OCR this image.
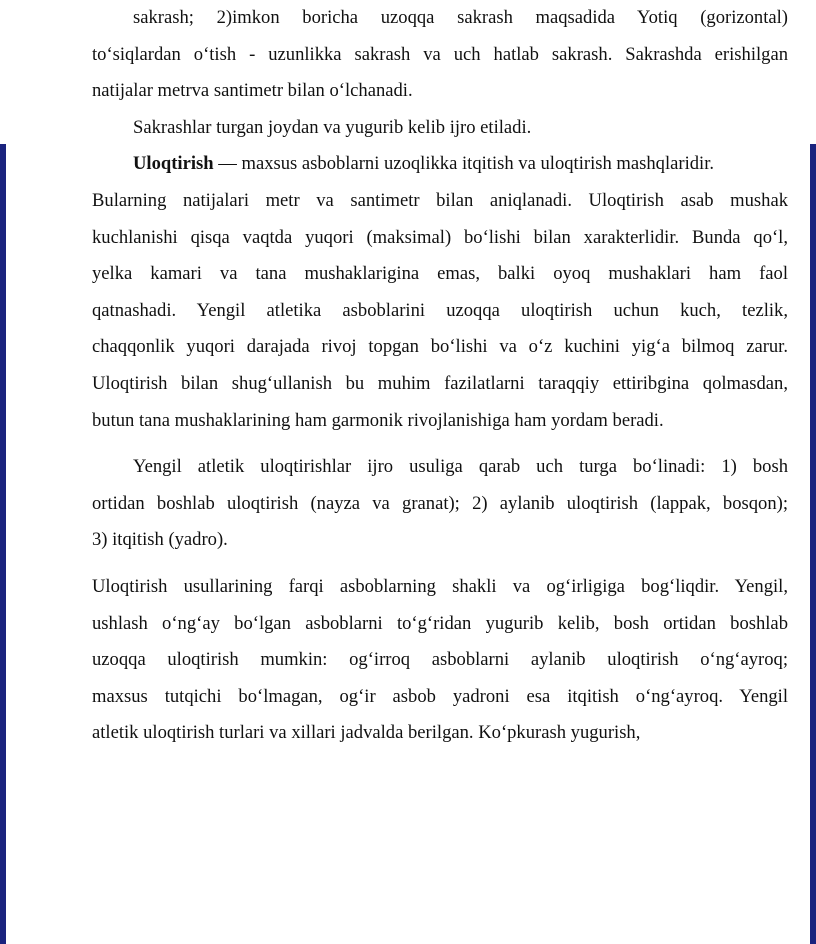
sakrash; 2)imkon boricha uzoqqa sakrash maqsadida Yotiq (gorizontal)
to‘siqlardan o‘tish - uzunlikka sakrash va uch hatlab sakrash. Sakrashda erishilgan
natijalar metrva santimetr bilan o‘lchanadi.
Sakrashlar turgan joydan va yugurib kelib ijro etiladi.
Uloqtirish — maxsus asboblarni uzoqlikka itqitish va uloqtirish mashqlaridir.
Bularning natijalari metr va santimetr bilan aniqlanadi. Uloqtirish asab mushak
kuchlanishi qisqa vaqtda yuqori (maksimal) bo‘lishi bilan xarakterlidir. Bunda qo‘l,
yelka kamari va tana mushaklarigina emas, balki oyoq mushaklari ham faol
qatnashadi. Yengil atletika asboblarini uzoqqa uloqtirish uchun kuch, tezlik,
chaqqonlik yuqori darajada rivoj topgan bo‘lishi va o‘z kuchini yig‘a bilmoq zarur.
Uloqtirish bilan shug‘ullanish bu muhim fazilatlarni taraqqiy ettiribgina qolmasdan,
butun tana mushaklarining ham garmonik rivojlanishiga ham yordam beradi.
Yengil atletik uloqtirishlar ijro usuliga qarab uch turga bo‘linadi: 1) bosh
ortidan boshlab uloqtirish (nayza va granat); 2) aylanib uloqtirish (lappak, bosqon);
3) itqitish (yadro).
Uloqtirish usullarining farqi asboblarning shakli va og‘irligiga bog‘liqdir. Yengil,
ushlash o‘ng‘ay bo‘lgan asboblarni to‘g‘ridan yugurib kelib, bosh ortidan boshlab
uzoqqa uloqtirish mumkin: og‘irroq asboblarni aylanib uloqtirish o‘ng‘ayroq;
maxsus tutqichi bo‘lmagan, og‘ir asbob yadroni esa itqitish o‘ng‘ayroq. Yengil
atletik uloqtirish turlari va xillari jadvalda berilgan. Ko‘pkurash yugurish,
